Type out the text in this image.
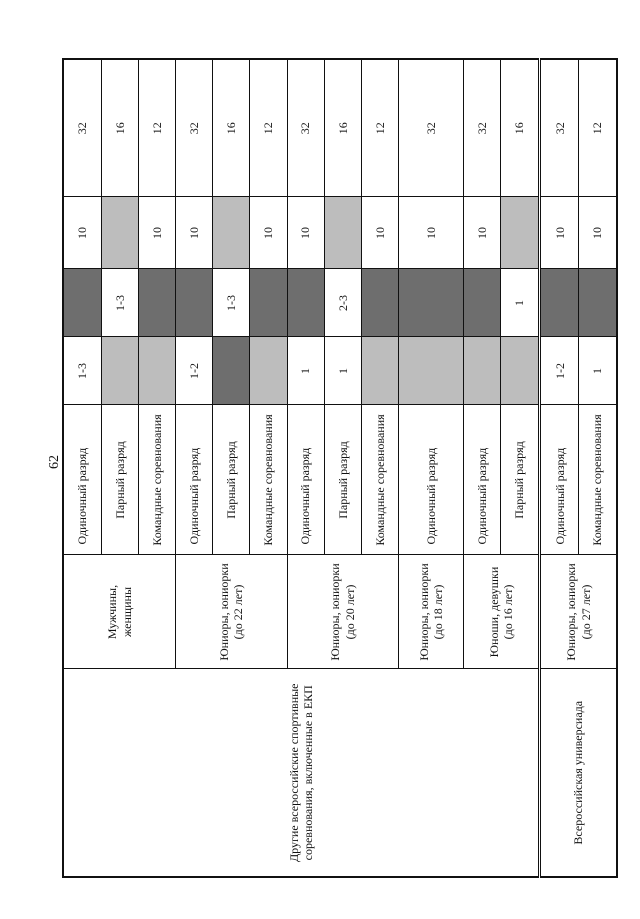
62
Другие всероссийские спортивные соревнования, включенные в ЕКП	Мужчины, женщины	Одиночный разряд	1-3		10	32
		Парный разряд		1-3		16
		Командные соревнования			10	12
	Юниоры, юниорки (до 22 лет)	Одиночный разряд	1-2		10	32
		Парный разряд		1-3		16
		Командные соревнования			10	12
	Юниоры, юниорки (до 20 лет)	Одиночный разряд	1		10	32
		Парный разряд	1	2-3		16
		Командные соревнования			10	12
	Юниоры, юниорки (до 18 лет)	Одиночный разряд			10	32
	Юноши, девушки (до 16 лет)	Одиночный разряд			10	32
		Парный разряд		1		16
Всероссийская универсиада	Юниоры, юниорки (до 27 лет)	Одиночный разряд	1-2		10	32
		Командные соревнования	1		10	12
